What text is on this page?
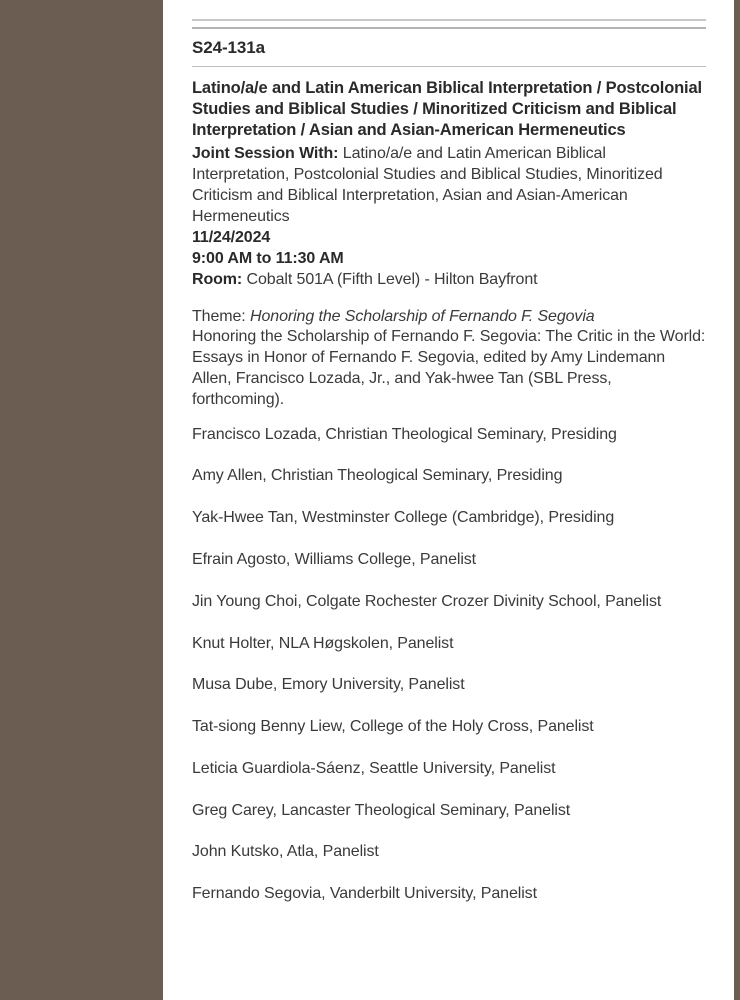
S24-131a
Latino/a/e and Latin American Biblical Interpretation / Postcolonial Studies and Biblical Studies / Minoritized Criticism and Biblical Interpretation / Asian and Asian-American Hermeneutics
Joint Session With: Latino/a/e and Latin American Biblical Interpretation, Postcolonial Studies and Biblical Studies, Minoritized Criticism and Biblical Interpretation, Asian and Asian-American Hermeneutics
11/24/2024
9:00 AM to 11:30 AM
Room: Cobalt 501A (Fifth Level) - Hilton Bayfront
Theme: Honoring the Scholarship of Fernando F. Segovia
Honoring the Scholarship of Fernando F. Segovia: The Critic in the World: Essays in Honor of Fernando F. Segovia, edited by Amy Lindemann Allen, Francisco Lozada, Jr., and Yak-hwee Tan (SBL Press, forthcoming).
Francisco Lozada, Christian Theological Seminary, Presiding
Amy Allen, Christian Theological Seminary, Presiding
Yak-Hwee Tan, Westminster College (Cambridge), Presiding
Efrain Agosto, Williams College, Panelist
Jin Young Choi, Colgate Rochester Crozer Divinity School, Panelist
Knut Holter, NLA Høgskolen, Panelist
Musa Dube, Emory University, Panelist
Tat-siong Benny Liew, College of the Holy Cross, Panelist
Leticia Guardiola-Sáenz, Seattle University, Panelist
Greg Carey, Lancaster Theological Seminary, Panelist
John Kutsko, Atla, Panelist
Fernando Segovia, Vanderbilt University, Panelist
